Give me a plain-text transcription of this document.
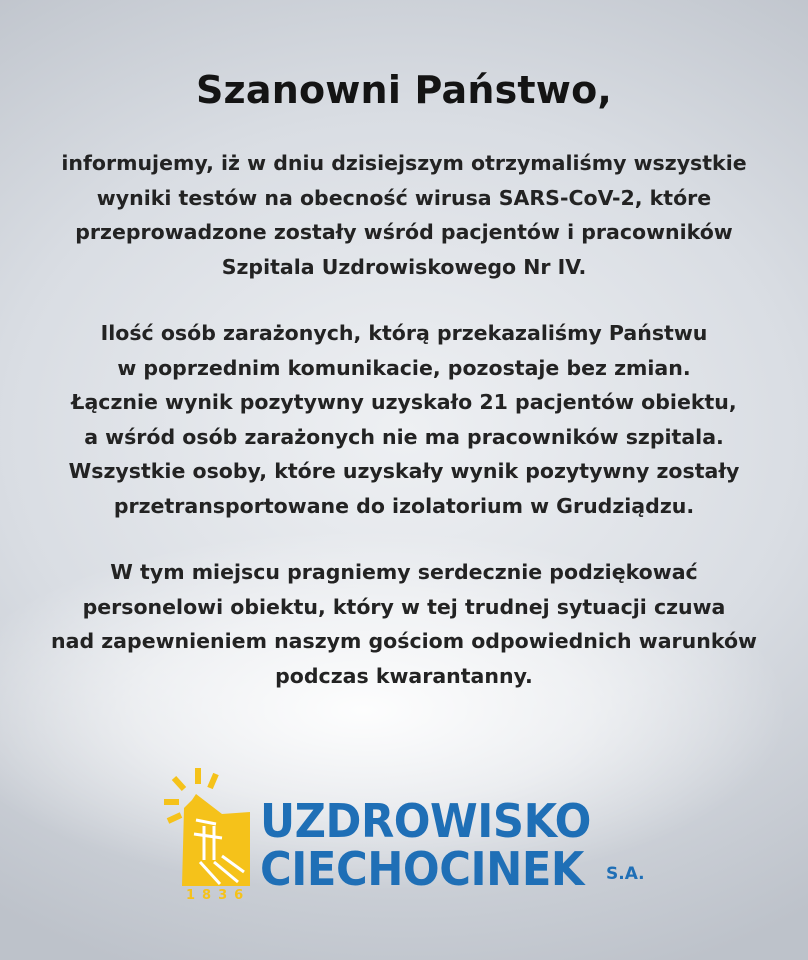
Szanowni Państwo,

informujemy, iż w dniu dzisiejszym otrzymaliśmy wszystkie
wyniki testów na obecność wirusa SARS-CoV-2, które
przeprowadzone zostały wśród pacjentów i pracowników
Szpitala Uzdrowiskowego Nr IV.

Ilość osób zarażonych, którą przekazaliśmy Państwu
w poprzednim komunikacie, pozostaje bez zmian.
Łącznie wynik pozytywny uzyskało 21 pacjentów obiektu,
a wśród osób zarażonych nie ma pracowników szpitala.
Wszystkie osoby, które uzyskały wynik pozytywny zostały
przetransportowane do izolatorium w Grudziądzu.

W tym miejscu pragniemy serdecznie podziękować
personelowi obiektu, który w tej trudnej sytuacji czuwa
nad zapewnieniem naszym gościom odpowiednich warunków
podczas kwarantanny.

UZDROWISKO
CIECHOCINEK S.A.
1836
